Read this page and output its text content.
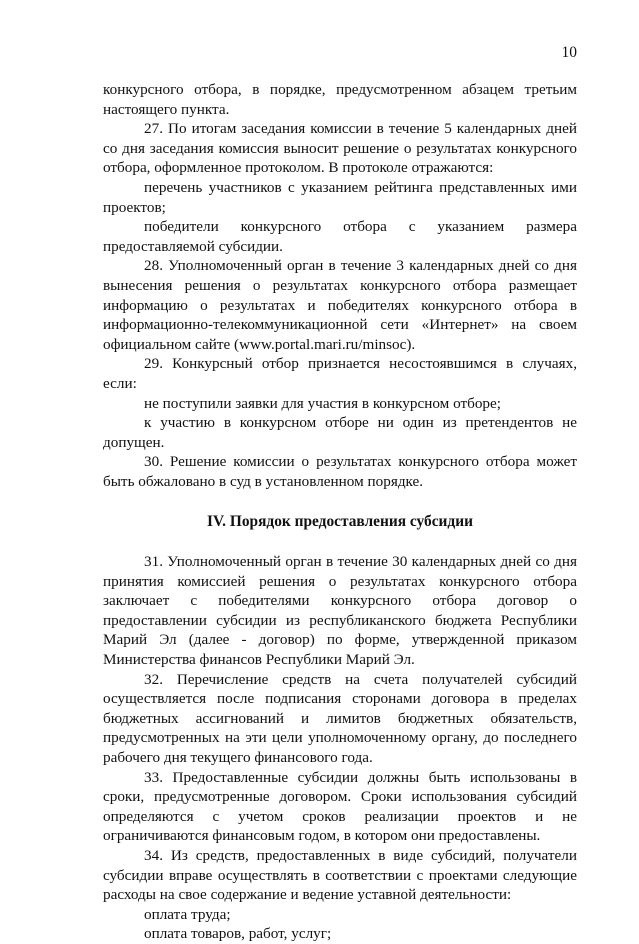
10

конкурсного отбора, в порядке, предусмотренном абзацем третьим настоящего пункта.

27. По итогам заседания комиссии в течение 5 календарных дней со дня заседания комиссия выносит решение о результатах конкурсного отбора, оформленное протоколом. В протоколе отражаются:

перечень участников с указанием рейтинга представленных ими проектов;

победители конкурсного отбора с указанием размера предоставляемой субсидии.

28. Уполномоченный орган в течение 3 календарных дней со дня вынесения решения о результатах конкурсного отбора размещает информацию о результатах и победителях конкурсного отбора в информационно-телекоммуникационной сети «Интернет» на своем официальном сайте (www.portal.mari.ru/minsoc).

29. Конкурсный отбор признается несостоявшимся в случаях, если:

не поступили заявки для участия в конкурсном отборе;

к участию в конкурсном отборе ни один из претендентов не допущен.

30. Решение комиссии о результатах конкурсного отбора может быть обжаловано в суд в установленном порядке.

IV. Порядок предоставления субсидии

31. Уполномоченный орган в течение 30 календарных дней со дня принятия комиссией решения о результатах конкурсного отбора заключает с победителями конкурсного отбора договор о предоставлении субсидии из республиканского бюджета Республики Марий Эл (далее - договор) по форме, утвержденной приказом Министерства финансов Республики Марий Эл.

32. Перечисление средств на счета получателей субсидий осуществляется после подписания сторонами договора в пределах бюджетных ассигнований и лимитов бюджетных обязательств, предусмотренных на эти цели уполномоченному органу, до последнего рабочего дня текущего финансового года.

33. Предоставленные субсидии должны быть использованы в сроки, предусмотренные договором. Сроки использования субсидий определяются с учетом сроков реализации проектов и не ограничиваются финансовым годом, в котором они предоставлены.

34. Из средств, предоставленных в виде субсидий, получатели субсидии вправе осуществлять в соответствии с проектами следующие расходы на свое содержание и ведение уставной деятельности:

оплата труда;

оплата товаров, работ, услуг;
